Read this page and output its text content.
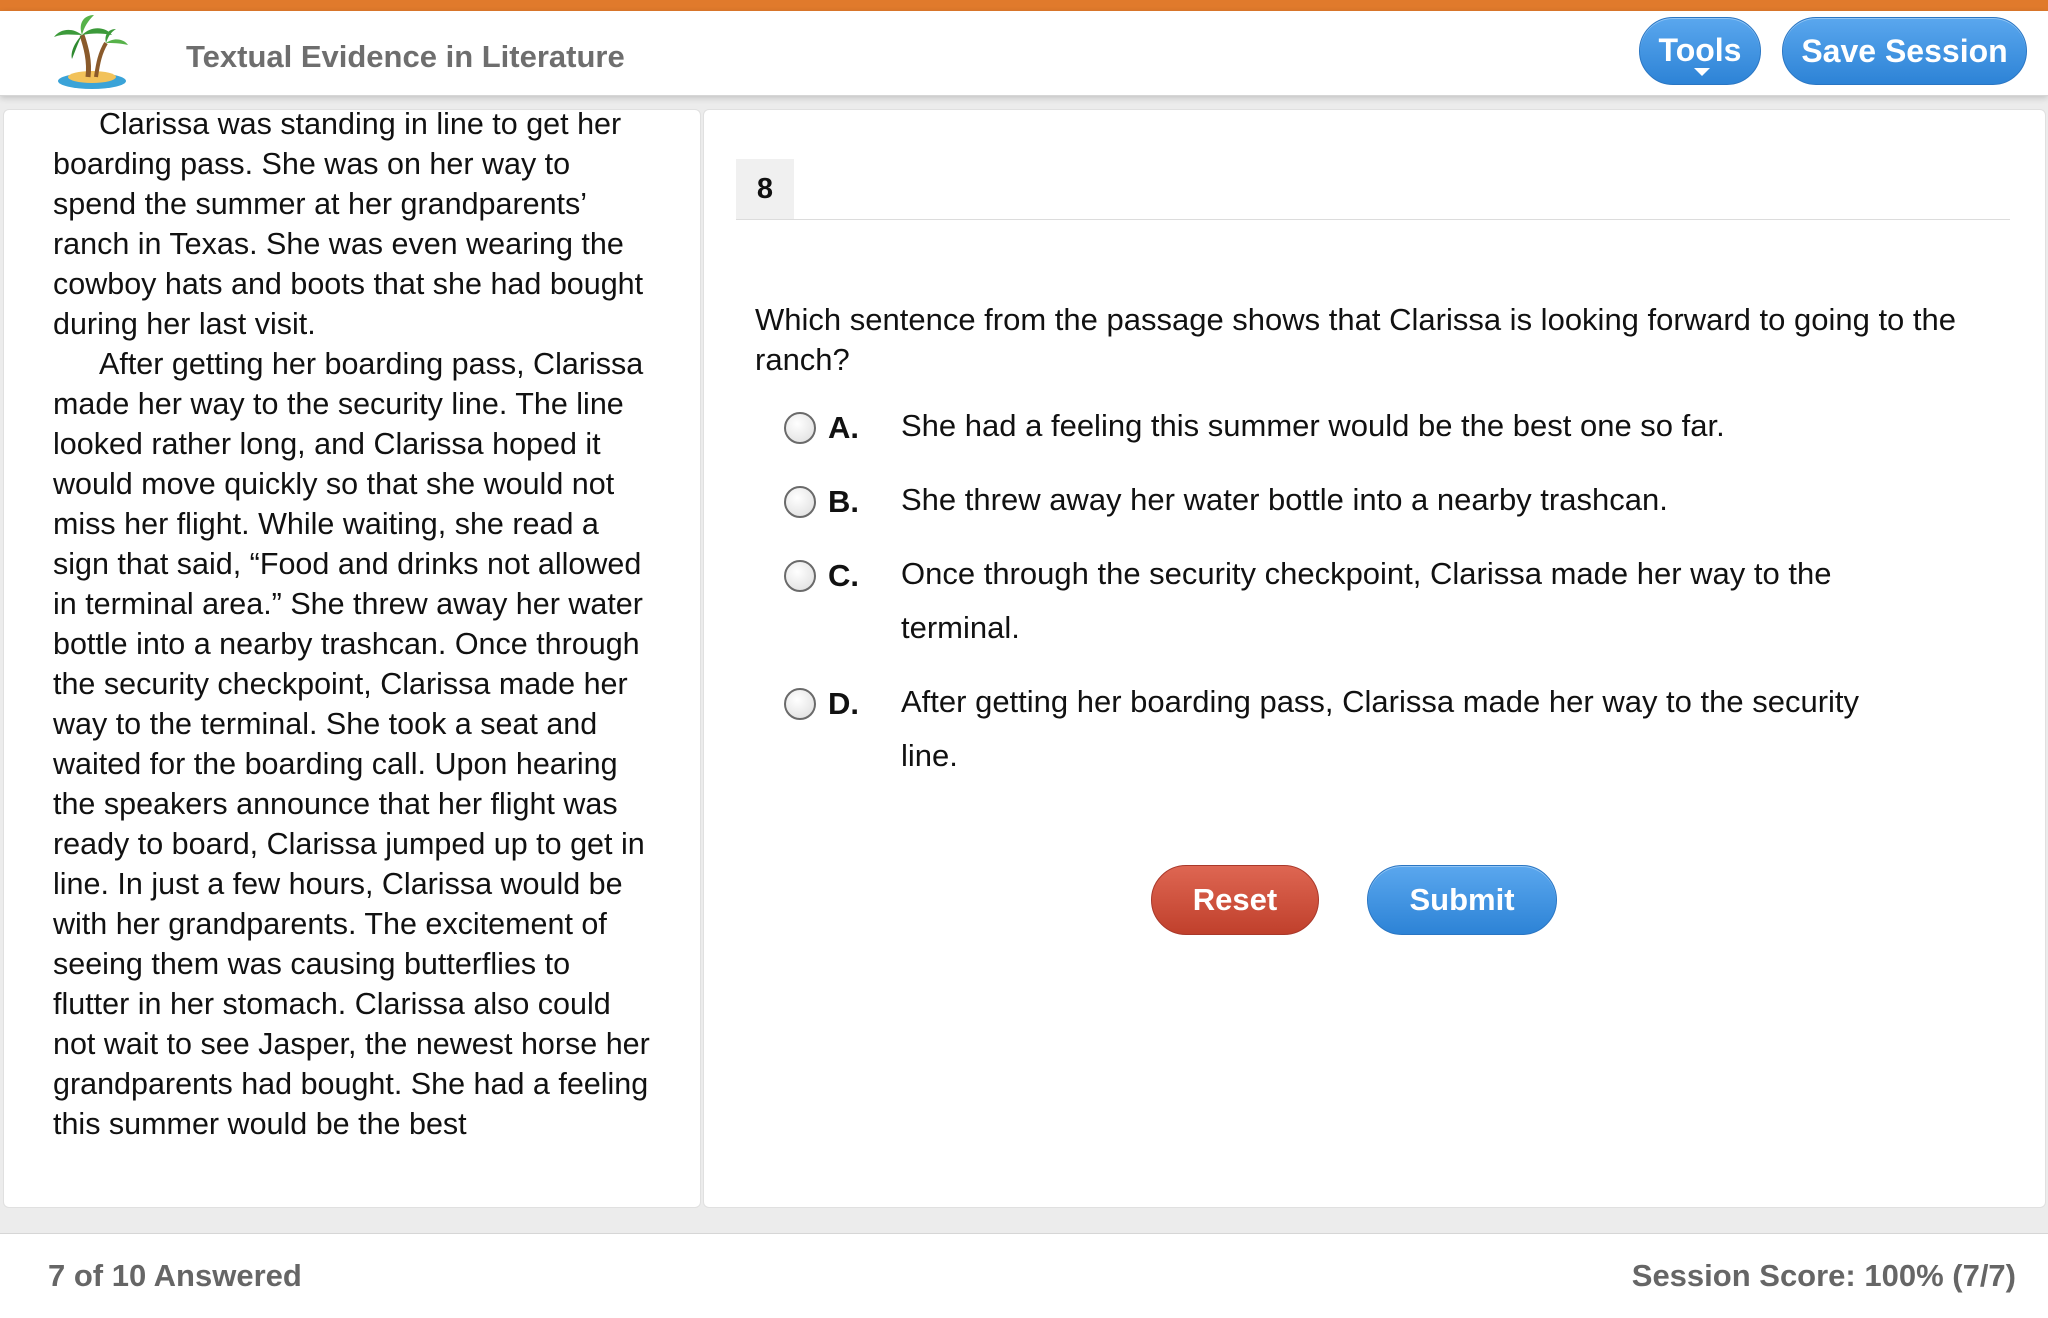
Textual Evidence in Literature	Tools	Save Session

Clarissa was standing in line to get her boarding pass. She was on her way to spend the summer at her grandparents’ ranch in Texas. She was even wearing the cowboy hats and boots that she had bought during her last visit.

After getting her boarding pass, Clarissa made her way to the security line. The line looked rather long, and Clarissa hoped it would move quickly so that she would not miss her flight. While waiting, she read a sign that said, “Food and drinks not allowed in terminal area.” She threw away her water bottle into a nearby trashcan. Once through the security checkpoint, Clarissa made her way to the terminal. She took a seat and waited for the boarding call. Upon hearing the speakers announce that her flight was ready to board, Clarissa jumped up to get in line. In just a few hours, Clarissa would be with her grandparents. The excitement of seeing them was causing butterflies to flutter in her stomach. Clarissa also could not wait to see Jasper, the newest horse her grandparents had bought. She had a feeling this summer would be the best

8
Which sentence from the passage shows that Clarissa is looking forward to going to the ranch?
A. She had a feeling this summer would be the best one so far.
B. She threw away her water bottle into a nearby trashcan.
C. Once through the security checkpoint, Clarissa made her way to the terminal.
D. After getting her boarding pass, Clarissa made her way to the security line.
Reset	Submit
7 of 10 Answered	Session Score: 100% (7/7)
